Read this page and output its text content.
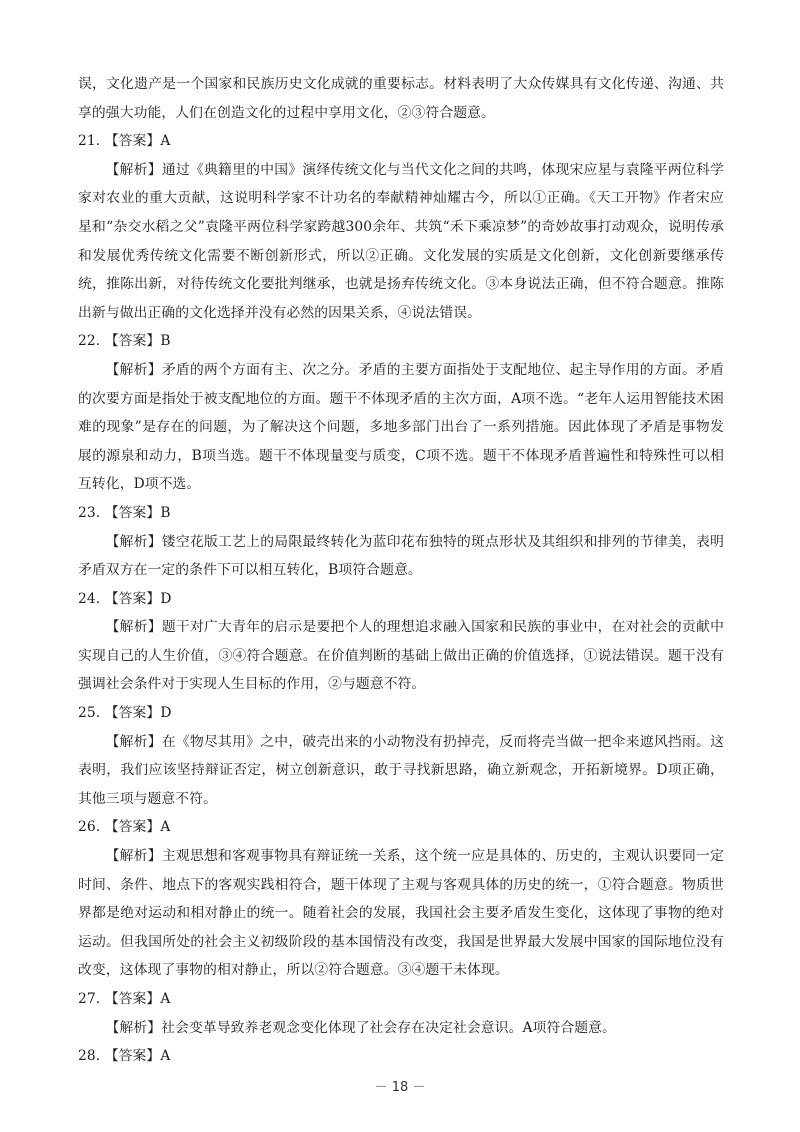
误，文化遗产是一个国家和民族历史文化成就的重要标志。材料表明了大众传媒具有文化传递、沟通、共享的强大功能，人们在创造文化的过程中享用文化，②③符合题意。

21. 【答案】A

【解析】通过《典籍里的中国》演绎传统文化与当代文化之间的共鸣，体现宋应星与袁隆平两位科学家对农业的重大贡献，这说明科学家不计功名的奉献精神灿耀古今，所以①正确。《天工开物》作者宋应星和“杂交水稻之父”袁隆平两位科学家跨越300余年、共筑“禾下乘凉梦”的奇妙故事打动观众，说明传承和发展优秀传统文化需要不断创新形式，所以②正确。文化发展的实质是文化创新，文化创新要继承传统，推陈出新，对待传统文化要批判继承，也就是扬弃传统文化。③本身说法正确，但不符合题意。推陈出新与做出正确的文化选择并没有必然的因果关系，④说法错误。

22. 【答案】B

【解析】矛盾的两个方面有主、次之分。矛盾的主要方面指处于支配地位、起主导作用的方面。矛盾的次要方面是指处于被支配地位的方面。题干不体现矛盾的主次方面，A项不选。“老年人运用智能技术困难的现象”是存在的问题，为了解决这个问题，多地多部门出台了一系列措施。因此体现了矛盾是事物发展的源泉和动力，B项当选。题干不体现量变与质变，C项不选。题干不体现矛盾普遍性和特殊性可以相互转化，D项不选。

23. 【答案】B

【解析】镂空花版工艺上的局限最终转化为蓝印花布独特的斑点形状及其组织和排列的节律美，表明矛盾双方在一定的条件下可以相互转化，B项符合题意。

24. 【答案】D

【解析】题干对广大青年的启示是要把个人的理想追求融入国家和民族的事业中，在对社会的贡献中实现自己的人生价值，③④符合题意。在价值判断的基础上做出正确的价值选择，①说法错误。题干没有强调社会条件对于实现人生目标的作用，②与题意不符。

25. 【答案】D

【解析】在《物尽其用》之中，破壳出来的小动物没有扔掉壳，反而将壳当做一把伞来遮风挡雨。这表明，我们应该坚持辩证否定，树立创新意识，敢于寻找新思路，确立新观念，开拓新境界。D项正确，其他三项与题意不符。

26. 【答案】A

【解析】主观思想和客观事物具有辩证统一关系，这个统一应是具体的、历史的，主观认识要同一定时间、条件、地点下的客观实践相符合，题干体现了主观与客观具体的历史的统一，①符合题意。物质世界都是绝对运动和相对静止的统一。随着社会的发展，我国社会主要矛盾发生变化，这体现了事物的绝对运动。但我国所处的社会主义初级阶段的基本国情没有改变，我国是世界最大发展中国家的国际地位没有改变，这体现了事物的相对静止，所以②符合题意。③④题干未体现。

27. 【答案】A

【解析】社会变革导致养老观念变化体现了社会存在决定社会意识。A项符合题意。

28. 【答案】A

－ 18 －
